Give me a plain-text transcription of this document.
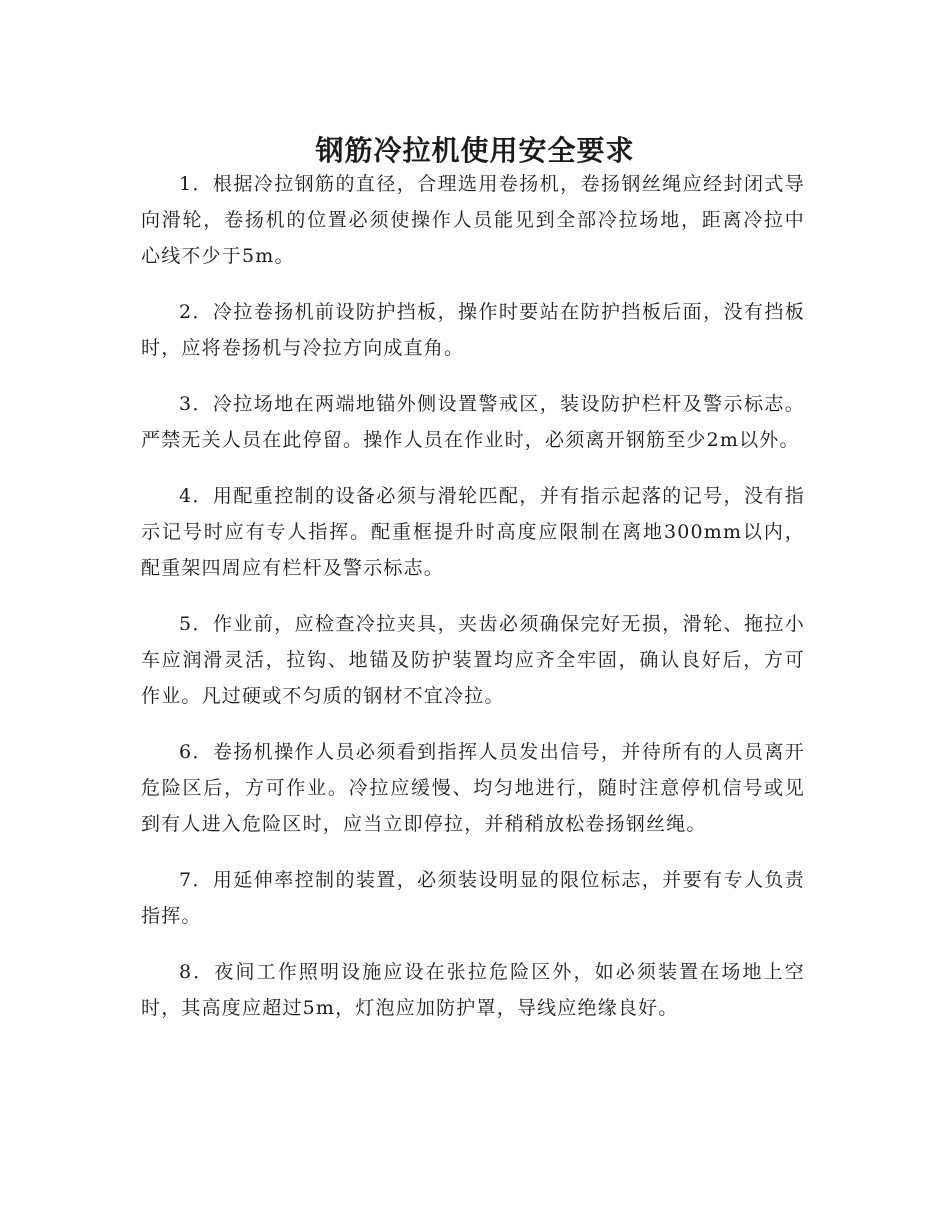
钢筋冷拉机使用安全要求

1．根据冷拉钢筋的直径，合理选用卷扬机，卷扬钢丝绳应经封闭式导向滑轮，卷扬机的位置必须使操作人员能见到全部冷拉场地，距离冷拉中心线不少于5m。

2．冷拉卷扬机前设防护挡板，操作时要站在防护挡板后面，没有挡板时，应将卷扬机与冷拉方向成直角。

3．冷拉场地在两端地锚外侧设置警戒区，装设防护栏杆及警示标志。严禁无关人员在此停留。操作人员在作业时，必须离开钢筋至少2m以外。

4．用配重控制的设备必须与滑轮匹配，并有指示起落的记号，没有指示记号时应有专人指挥。配重框提升时高度应限制在离地300mm以内，配重架四周应有栏杆及警示标志。

5．作业前，应检查冷拉夹具，夹齿必须确保完好无损，滑轮、拖拉小车应润滑灵活，拉钩、地锚及防护装置均应齐全牢固，确认良好后，方可作业。凡过硬或不匀质的钢材不宜冷拉。

6．卷扬机操作人员必须看到指挥人员发出信号，并待所有的人员离开危险区后，方可作业。冷拉应缓慢、均匀地进行，随时注意停机信号或见到有人进入危险区时，应当立即停拉，并稍稍放松卷扬钢丝绳。

7．用延伸率控制的装置，必须装设明显的限位标志，并要有专人负责指挥。

8．夜间工作照明设施应设在张拉危险区外，如必须装置在场地上空时，其高度应超过5m，灯泡应加防护罩，导线应绝缘良好。
